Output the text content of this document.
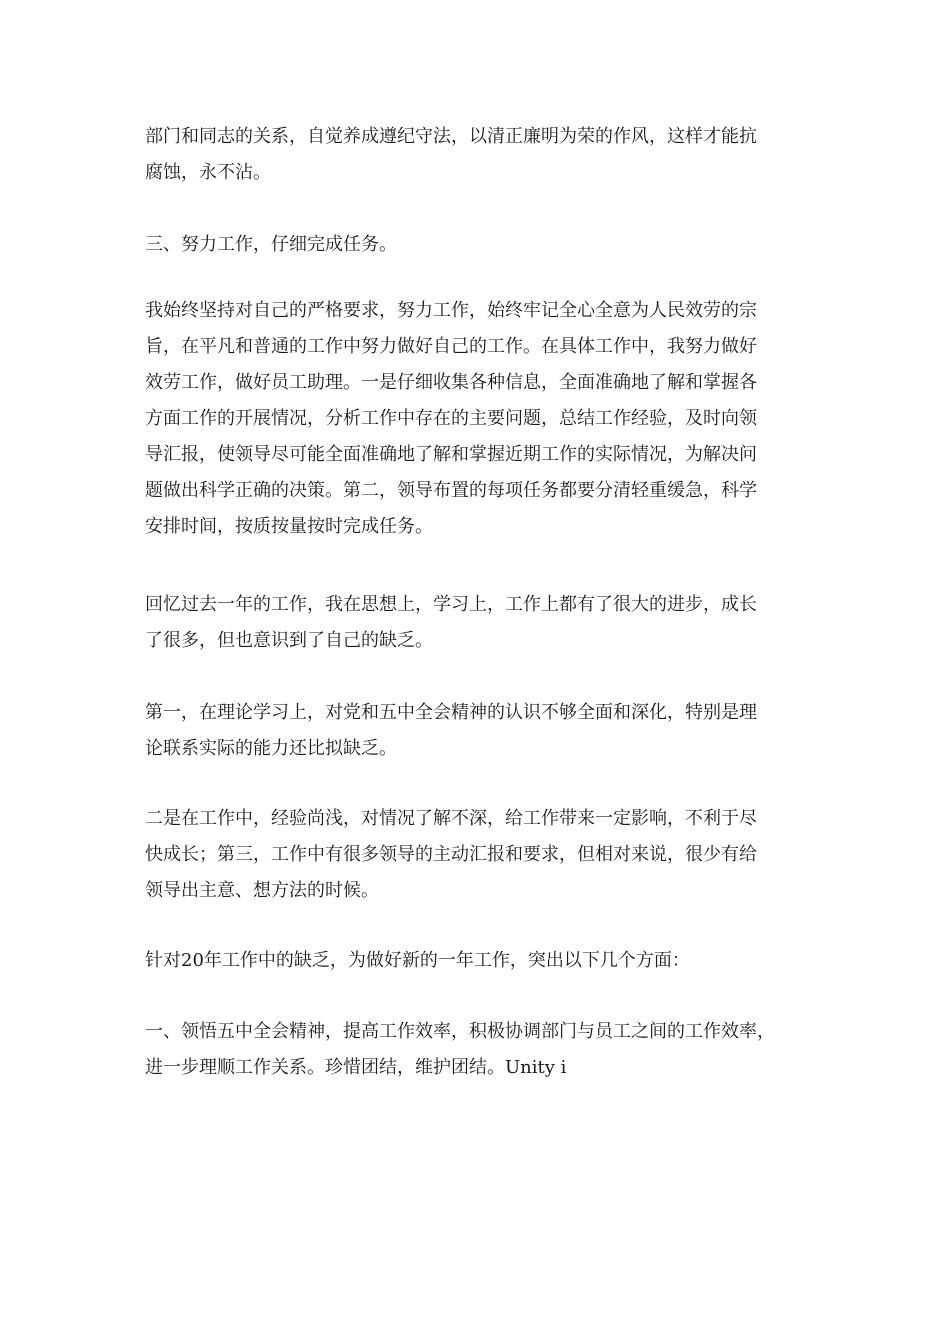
部门和同志的关系，自觉养成遵纪守法，以清正廉明为荣的作风，这样才能抗
腐蚀，永不沾。
三、努力工作，仔细完成任务。
我始终坚持对自己的严格要求，努力工作，始终牢记全心全意为人民效劳的宗
旨，在平凡和普通的工作中努力做好自己的工作。在具体工作中，我努力做好
效劳工作，做好员工助理。一是仔细收集各种信息，全面准确地了解和掌握各
方面工作的开展情况，分析工作中存在的主要问题，总结工作经验，及时向领
导汇报，使领导尽可能全面准确地了解和掌握近期工作的实际情况，为解决问
题做出科学正确的决策。第二，领导布置的每项任务都要分清轻重缓急，科学
安排时间，按质按量按时完成任务。
回忆过去一年的工作，我在思想上，学习上，工作上都有了很大的进步，成长
了很多，但也意识到了自己的缺乏。
第一，在理论学习上，对党和五中全会精神的认识不够全面和深化，特别是理
论联系实际的能力还比拟缺乏。
二是在工作中，经验尚浅，对情况了解不深，给工作带来一定影响，不利于尽
快成长；第三，工作中有很多领导的主动汇报和要求，但相对来说，很少有给
领导出主意、想方法的时候。
针对20年工作中的缺乏，为做好新的一年工作，突出以下几个方面：
一、领悟五中全会精神，提高工作效率，积极协调部门与员工之间的工作效率，
进一步理顺工作关系。珍惜团结，维护团结。Unity i
